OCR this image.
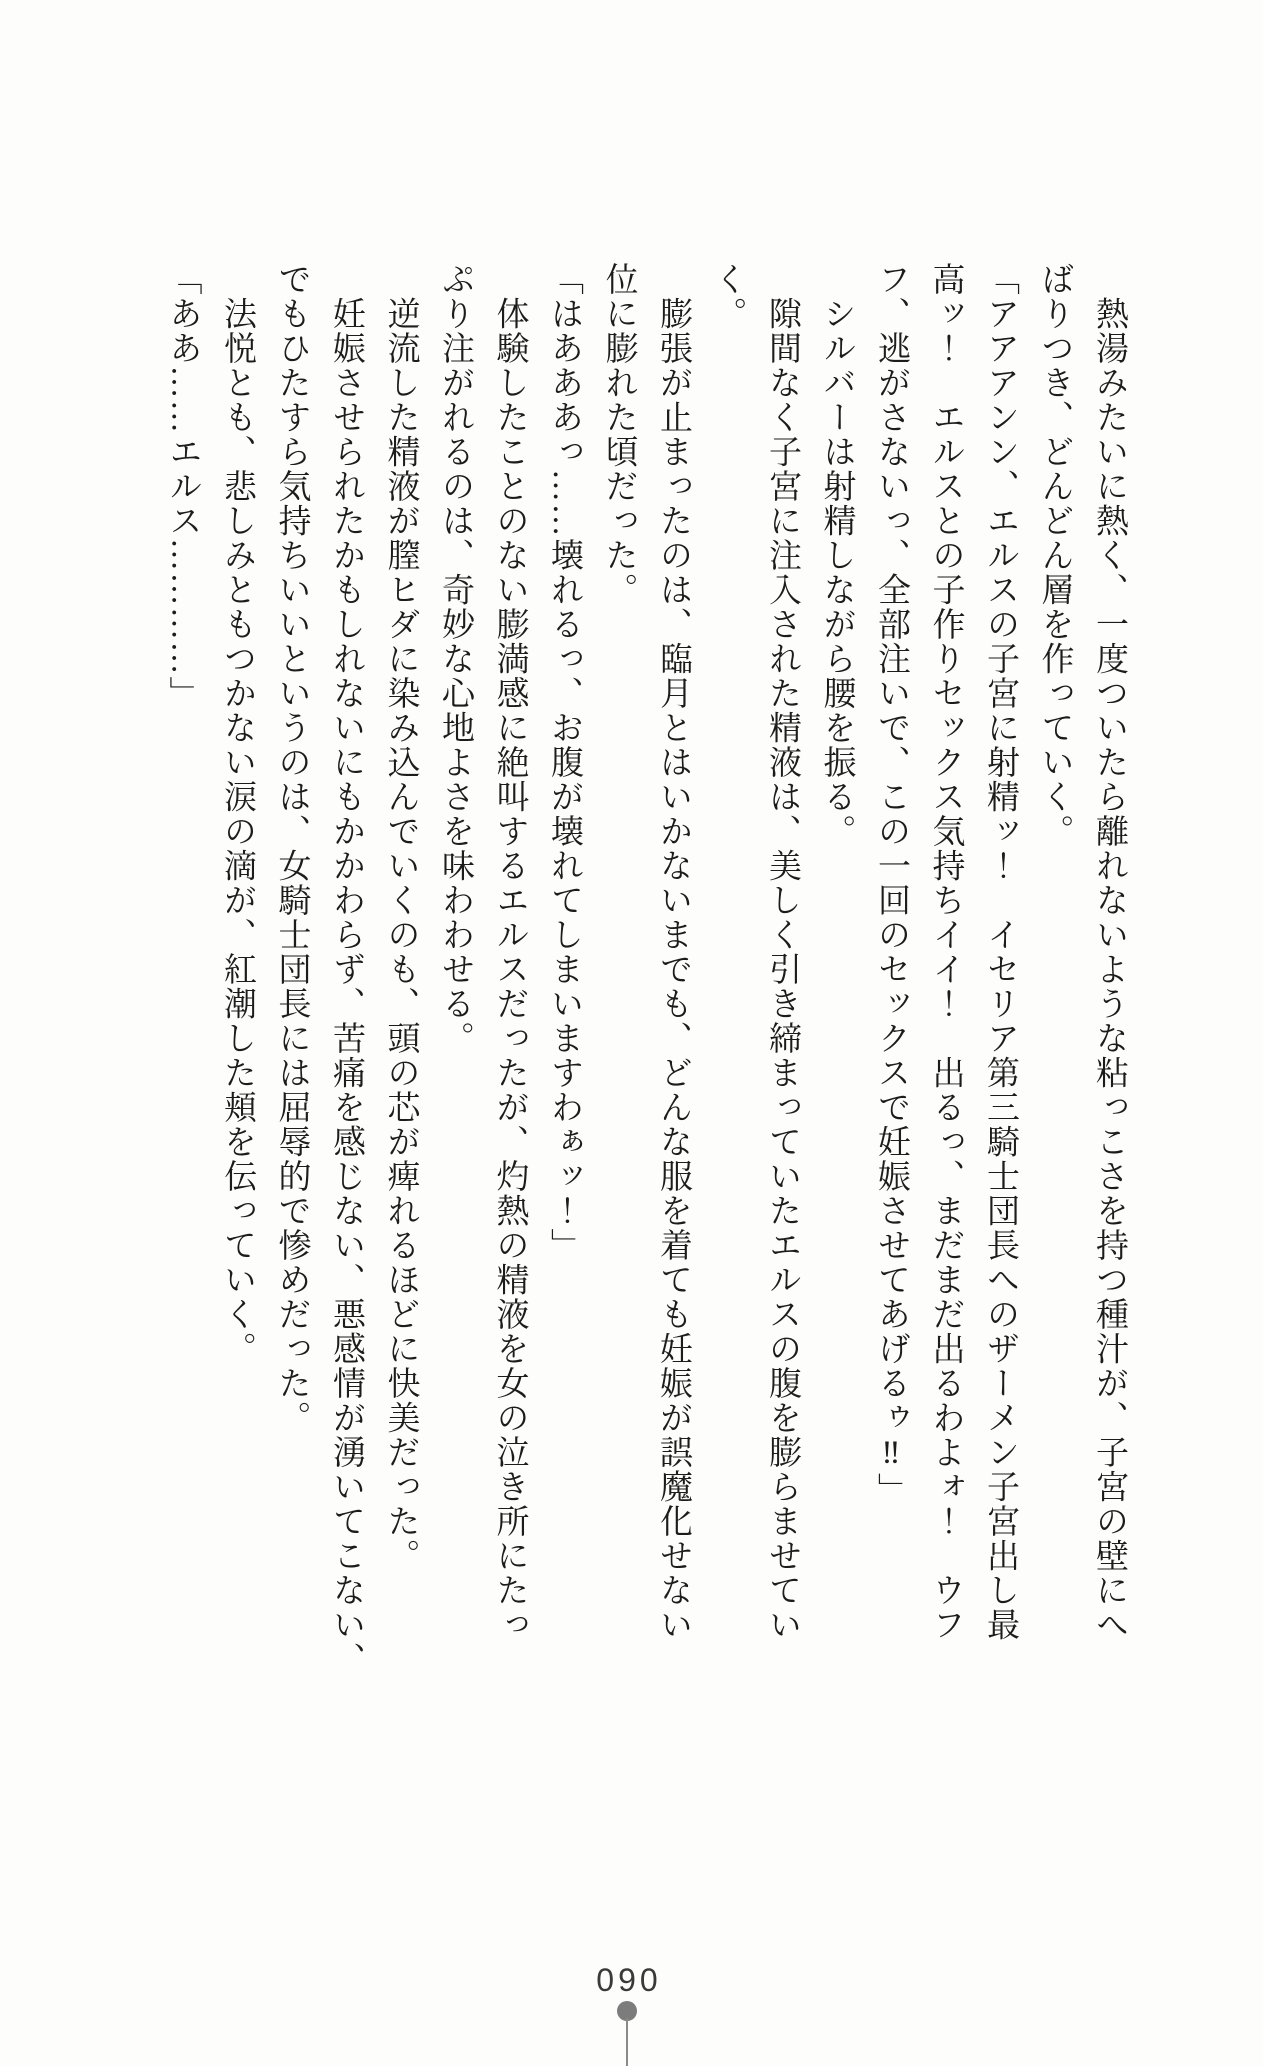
　熱湯みたいに熱く、一度ついたら離れないような粘っこさを持つ種汁が、子宮の壁にへ

ばりつき、どんどん層を作っていく。

「アアアンン、エルスの子宮に射精ッ！　イセリア第三騎士団長へのザーメン子宮出し最

高ッ！　エルスとの子作りセックス気持ちイイ！　出るっ、まだまだ出るわよォ！　ウフ

フ、逃がさないっ、全部注いで、この一回のセックスで妊娠させてあげるゥ‼」

　シルバーは射精しながら腰を振る。

　隙間なく子宮に注入された精液は、美しく引き締まっていたエルスの腹を膨らませてい

く。

　膨張が止まったのは、臨月とはいかないまでも、どんな服を着ても妊娠が誤魔化せない

位に膨れた頃だった。

「はあああっ……壊れるっ、お腹が壊れてしまいますわぁッ！」

　体験したことのない膨満感に絶叫するエルスだったが、灼熱の精液を女の泣き所にたっ

ぷり注がれるのは、奇妙な心地よさを味わわせる。

　逆流した精液が膣ヒダに染み込んでいくのも、頭の芯が痺れるほどに快美だった。

　妊娠させられたかもしれないにもかかわらず、苦痛を感じない、悪感情が湧いてこない、

でもひたすら気持ちいいというのは、女騎士団長には屈辱的で惨めだった。

　法悦とも、悲しみともつかない涙の滴が、紅潮した頬を伝っていく。

「ああ……エルス…………」

090
